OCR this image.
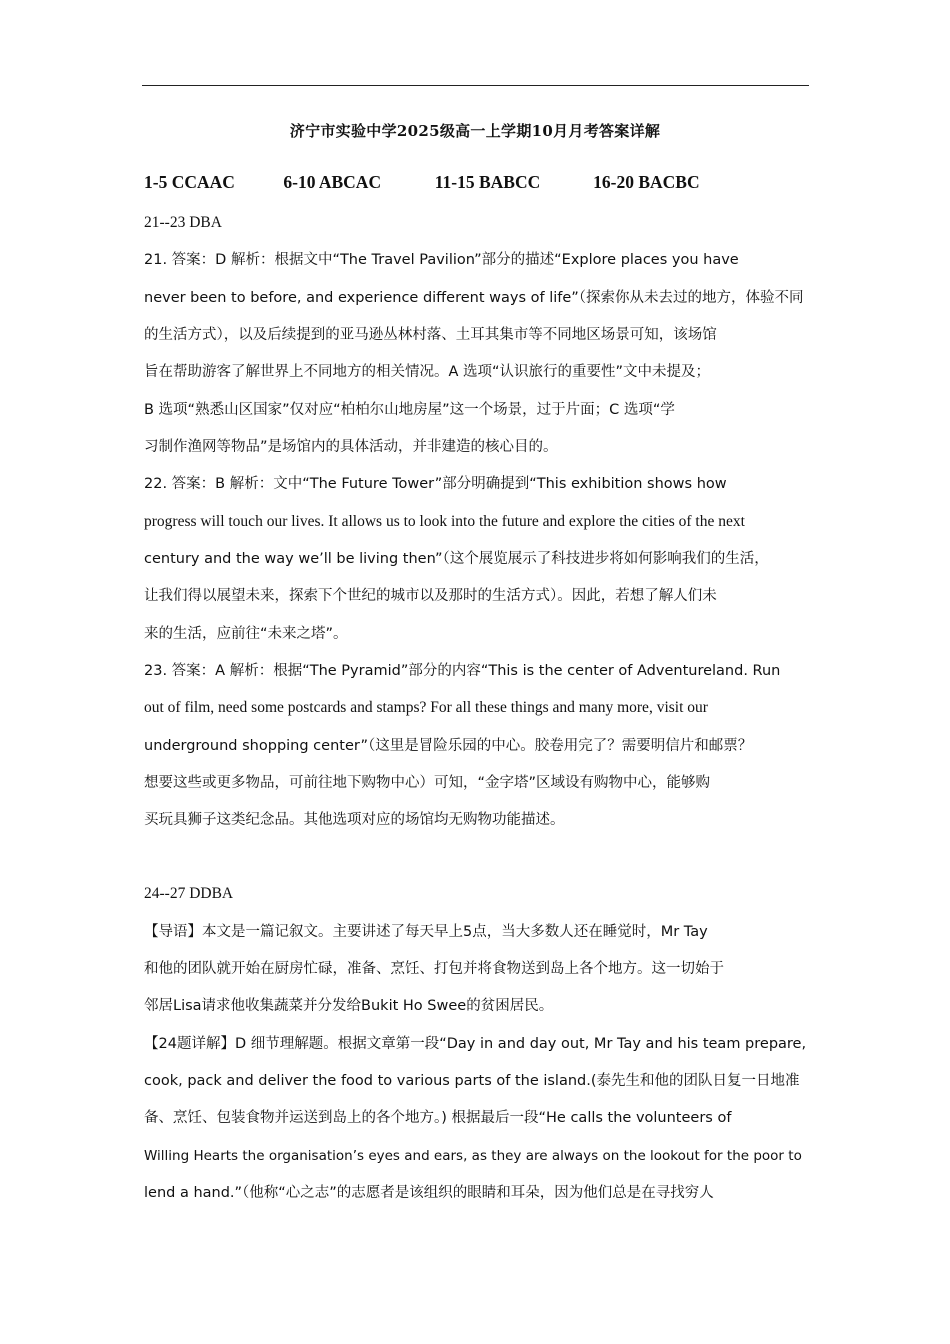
济宁市实验中学2025级高一上学期10月月考答案详解
1-5 CCAAC	6-10 ABCAC	11-15 BABCC	16-20 BACBC
21--23 DBA
21. 答案：D 解析：根据文中“The Travel Pavilion”部分的描述“Explore places you have
never been to before, and experience different ways of life”（探索你从未去过的地方，体验不同
的生活方式），以及后续提到的亚马逊丛林村落、土耳其集市等不同地区场景可知，该场馆
旨在帮助游客了解世界上不同地方的相关情况。A 选项“认识旅行的重要性”文中未提及；
B 选项“熟悉山区国家”仅对应“柏柏尔山地房屋”这一个场景，过于片面；C 选项“学
习制作渔网等物品”是场馆内的具体活动，并非建造的核心目的。
22. 答案：B 解析：文中“The Future Tower”部分明确提到“This exhibition shows how
progress will touch our lives. It allows us to look into the future and explore the cities of the next
century and the way we’ll be living then”（这个展览展示了科技进步将如何影响我们的生活，
让我们得以展望未来，探索下个世纪的城市以及那时的生活方式）。因此，若想了解人们未
来的生活，应前往“未来之塔”。
23. 答案：A 解析：根据“The Pyramid”部分的内容“This is the center of Adventureland. Run
out of film, need some postcards and stamps? For all these things and many more, visit our
underground shopping center”（这里是冒险乐园的中心。胶卷用完了？需要明信片和邮票？
想要这些或更多物品，可前往地下购物中心）可知，“金字塔”区域设有购物中心，能够购
买玩具狮子这类纪念品。其他选项对应的场馆均无购物功能描述。
24--27 DDBA
【导语】本文是一篇记叙文。主要讲述了每天早上5点，当大多数人还在睡觉时，Mr Tay
和他的团队就开始在厨房忙碌，准备、烹饪、打包并将食物送到岛上各个地方。这一切始于
邻居Lisa请求他收集蔬菜并分发给Bukit Ho Swee的贫困居民。
【24题详解】D 细节理解题。根据文章第一段“Day in and day out, Mr Tay and his team prepare,
cook, pack and deliver the food to various parts of the island.(泰先生和他的团队日复一日地准
备、烹饪、包装食物并运送到岛上的各个地方。) 根据最后一段“He calls the volunteers of
Willing Hearts the organisation’s eyes and ears, as they are always on the lookout for the poor to
lend a hand.”（他称“心之志”的志愿者是该组织的眼睛和耳朵，因为他们总是在寻找穷人
